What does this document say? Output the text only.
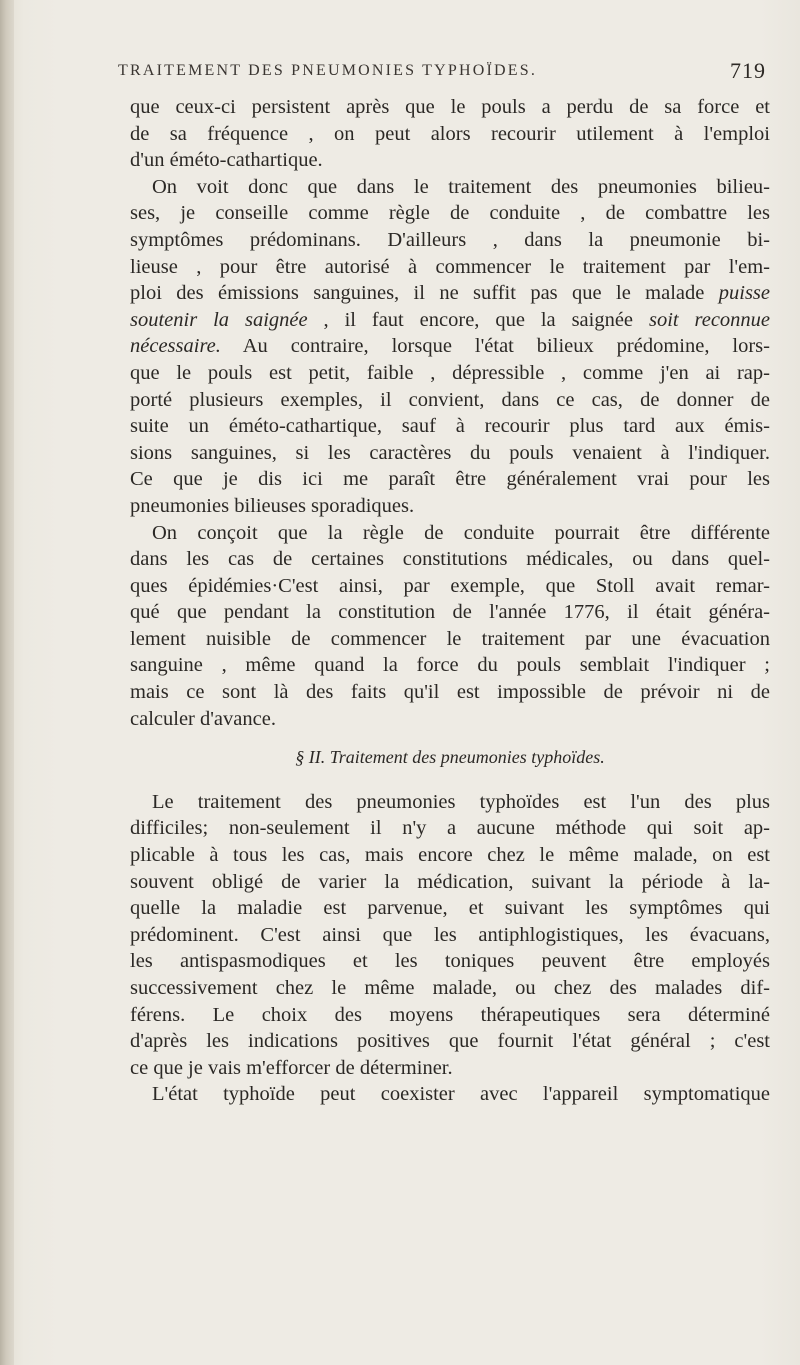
TRAITEMENT DES PNEUMONIES TYPHOÏDES.	719
que ceux-ci persistent après que le pouls a perdu de sa force et
de sa fréquence , on peut alors recourir utilement à l'emploi
d'un éméto-cathartique.
On voit donc que dans le traitement des pneumonies bilieu-
ses, je conseille comme règle de conduite , de combattre les
symptômes prédominans. D'ailleurs , dans la pneumonie bi-
lieuse , pour être autorisé à commencer le traitement par l'em-
ploi des émissions sanguines, il ne suffit pas que le malade puisse
soutenir la saignée , il faut encore, que la saignée soit reconnue
nécessaire. Au contraire, lorsque l'état bilieux prédomine, lors-
que le pouls est petit, faible , dépressible , comme j'en ai rap-
porté plusieurs exemples, il convient, dans ce cas, de donner de
suite un éméto-cathartique, sauf à recourir plus tard aux émis-
sions sanguines, si les caractères du pouls venaient à l'indiquer.
Ce que je dis ici me paraît être généralement vrai pour les
pneumonies bilieuses sporadiques.
On conçoit que la règle de conduite pourrait être différente
dans les cas de certaines constitutions médicales, ou dans quel-
ques épidémies·C'est ainsi, par exemple, que Stoll avait remar-
qué que pendant la constitution de l'année 1776, il était généra-
lement nuisible de commencer le traitement par une évacuation
sanguine , même quand la force du pouls semblait l'indiquer ;
mais ce sont là des faits qu'il est impossible de prévoir ni de
calculer d'avance.
§ II. Traitement des pneumonies typhoïdes.
Le traitement des pneumonies typhoïdes est l'un des plus
difficiles; non-seulement il n'y a aucune méthode qui soit ap-
plicable à tous les cas, mais encore chez le même malade, on est
souvent obligé de varier la médication, suivant la période à la-
quelle la maladie est parvenue, et suivant les symptômes qui
prédominent. C'est ainsi que les antiphlogistiques, les évacuans,
les antispasmodiques et les toniques peuvent être employés
successivement chez le même malade, ou chez des malades dif-
férens. Le choix des moyens thérapeutiques sera déterminé
d'après les indications positives que fournit l'état général ; c'est
ce que je vais m'efforcer de déterminer.
L'état typhoïde peut coexister avec l'appareil symptomatique
